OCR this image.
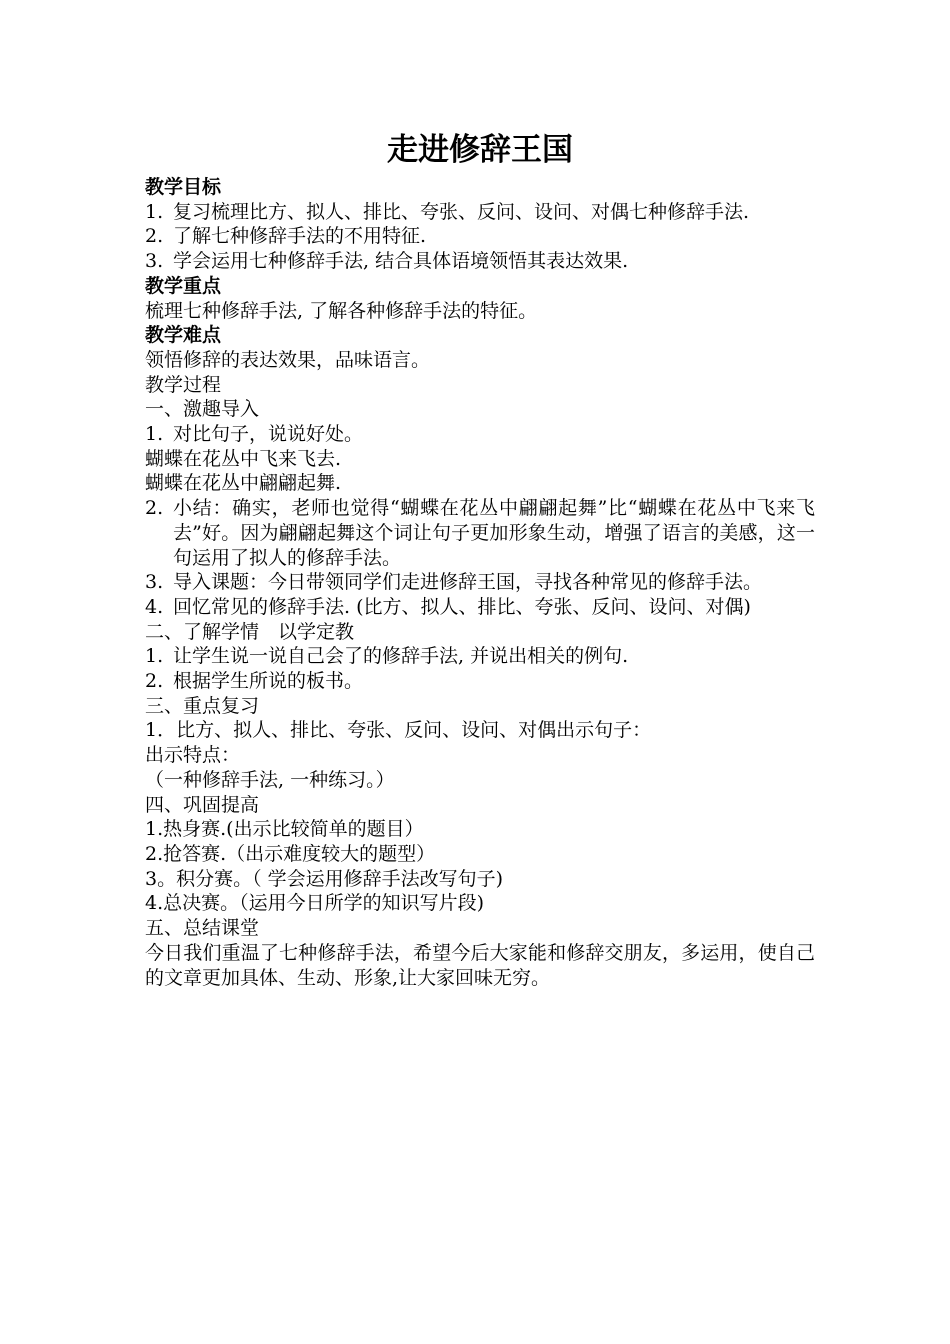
走进修辞王国
教学目标
1. 复习梳理比方、拟人、排比、夸张、反问、设问、对偶七种修辞手法.
2. 了解七种修辞手法的不用特征.
3. 学会运用七种修辞手法, 结合具体语境领悟其表达效果.
教学重点
梳理七种修辞手法, 了解各种修辞手法的特征。
教学难点
领悟修辞的表达效果，品味语言。
教学过程
一、激趣导入
1. 对比句子，说说好处。
蝴蝶在花丛中飞来飞去.
蝴蝶在花丛中翩翩起舞.
2. 小结：确实，老师也觉得“蝴蝶在花丛中翩翩起舞”比“蝴蝶在花丛中飞来飞去”好。因为翩翩起舞这个词让句子更加形象生动，增强了语言的美感，这一句运用了拟人的修辞手法。
3. 导入课题：今日带领同学们走进修辞王国，寻找各种常见的修辞手法。
4. 回忆常见的修辞手法. (比方、拟人、排比、夸张、反问、设问、对偶)
二、了解学情　以学定教
1. 让学生说一说自己会了的修辞手法, 并说出相关的例句.
2. 根据学生所说的板书。
三、重点复习
1．比方、拟人、排比、夸张、反问、设问、对偶出示句子：
出示特点：
（一种修辞手法, 一种练习。）
四、巩固提高
1.热身赛.(出示比较简单的题目）
2.抢答赛.（出示难度较大的题型）
3。积分赛。（ 学会运用修辞手法改写句子)
4.总决赛。（运用今日所学的知识写片段)
五、总结课堂
今日我们重温了七种修辞手法，希望今后大家能和修辞交朋友，多运用，使自己的文章更加具体、生动、形象,让大家回味无穷。
